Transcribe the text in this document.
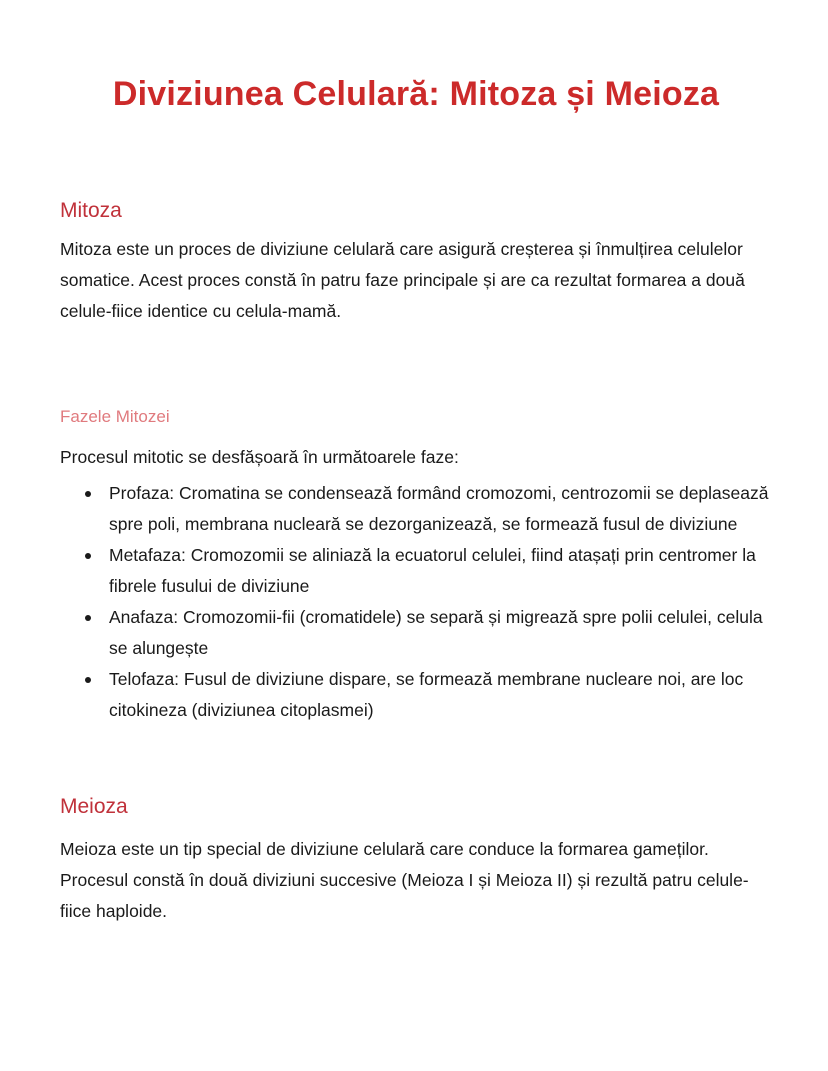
Diviziunea Celulară: Mitoza și Meioza
Mitoza

Mitoza este un proces de diviziune celulară care asigură creșterea și înmulțirea celulelor somatice. Acest proces constă în patru faze principale și are ca rezultat formarea a două celule-fiice identice cu celula-mamă.

Fazele Mitozei

Procesul mitotic se desfășoară în următoarele faze:

Profaza: Cromatina se condensează formând cromozomi, centrozomii se deplasează spre poli, membrana nucleară se dezorganizează, se formează fusul de diviziune
Metafaza: Cromozomii se aliniază la ecuatorul celulei, fiind atașați prin centromer la fibrele fusului de diviziune
Anafaza: Cromozomii-fii (cromatidele) se separă și migrează spre polii celulei, celula se alungește
Telofaza: Fusul de diviziune dispare, se formează membrane nucleare noi, are loc citokineza (diviziunea citoplasmei)
Meioza

Meioza este un tip special de diviziune celulară care conduce la formarea gameților. Procesul constă în două diviziuni succesive (Meioza I și Meioza II) și rezultă patru celule-fiice haploide.
